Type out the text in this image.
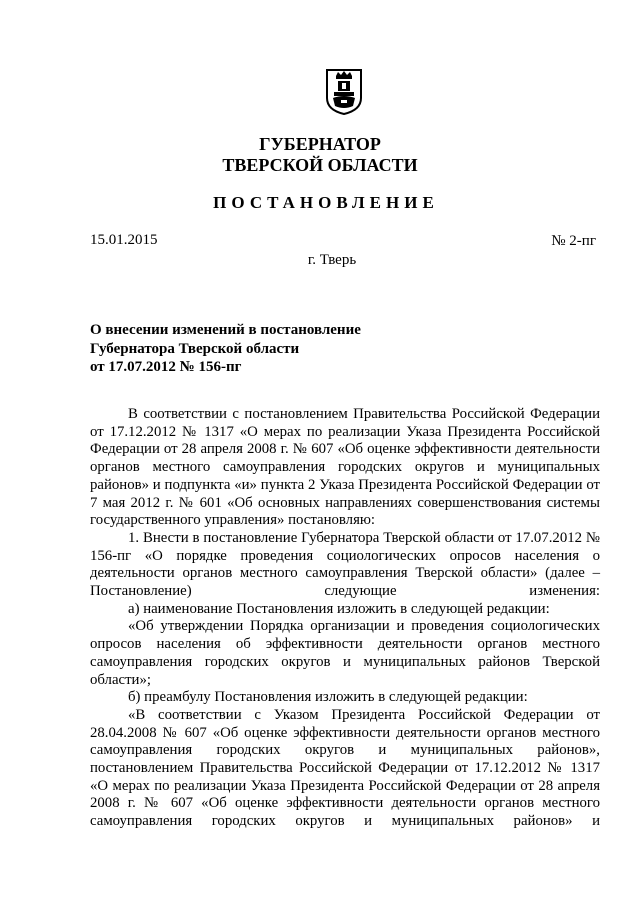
ГУБЕРНАТОР
ТВЕРСКОЙ ОБЛАСТИ
ПОСТАНОВЛЕНИЕ
15.01.2015	№ 2-пг
г. Тверь
О внесении изменений в постановление
Губернатора Тверской области
от 17.07.2012 № 156-пг

В соответствии с постановлением Правительства Российской Федерации от 17.12.2012 № 1317 «О мерах по реализации Указа Президента Российской Федерации от 28 апреля 2008 г. № 607 «Об оценке эффективности деятельности органов местного самоуправления городских округов и муниципальных районов» и подпункта «и» пункта 2 Указа Президента Российской Федерации от 7 мая 2012 г. № 601 «Об основных направлениях совершенствования системы государственного управления» постановляю:

1. Внести в постановление Губернатора Тверской области от 17.07.2012 № 156-пг «О порядке проведения социологических опросов населения о деятельности органов местного самоуправления Тверской области» (далее – Постановление) следующие изменения:

а) наименование Постановления изложить в следующей редакции:

«Об утверждении Порядка организации и проведения социологических опросов населения об эффективности деятельности органов местного самоуправления городских округов и муниципальных районов Тверской области»;

б) преамбулу Постановления изложить в следующей редакции:

«В соответствии с Указом Президента Российской Федерации от 28.04.2008 № 607 «Об оценке эффективности деятельности органов местного самоуправления городских округов и муниципальных районов», постановлением Правительства Российской Федерации от 17.12.2012 № 1317 «О мерах по реализации Указа Президента Российской Федерации от 28 апреля 2008 г. № 607 «Об оценке эффективности деятельности органов местного самоуправления городских округов и муниципальных районов» и
